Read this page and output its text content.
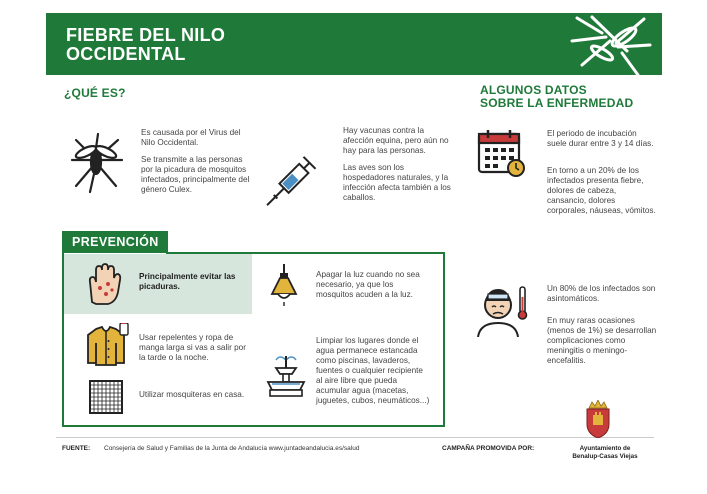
FIEBRE DEL NILO
OCCIDENTAL
¿QUÉ ES?

Es causada por el Virus del Nilo Occidental.

Se transmite a las personas por la picadura de mosquitos infectados, principalmente del género Culex.

Hay vacunas contra la afección equina, pero aún no hay para las personas.

Las aves son los hospedadores naturales, y la infección afecta también a los caballos.

ALGUNOS DATOS
SOBRE LA ENFERMEDAD

El periodo de incubación suele durar entre 3 y 14 días.

En torno a un 20% de los infectados presenta fiebre, dolores de cabeza, cansancio, dolores corporales, náuseas, vómitos.

Un 80% de los infectados son asintomáticos.

En muy raras ocasiones (menos de 1%) se desarrollan complicaciones como meningitis o meningo-encefalitis.

PREVENCIÓN
Principalmente evitar las picaduras.
Usar repelentes y ropa de manga larga si vas a salir por la tarde o la noche.
Utilizar mosquiteras en casa.
Apagar la luz cuando no sea necesario, ya que los mosquitos acuden a la luz.
Limpiar los lugares donde el agua permanece estancada como piscinas, lavaderos, fuentes o cualquier recipiente al aire libre que pueda acumular agua (macetas, juguetes, cubos, neumáticos...)
FUENTE: Consejería de Salud y Familias de la Junta de Andalucía www.juntadeandalucia.es/salud	CAMPAÑA PROMOVIDA POR:	Ayuntamiento de
Benalup-Casas Viejas
